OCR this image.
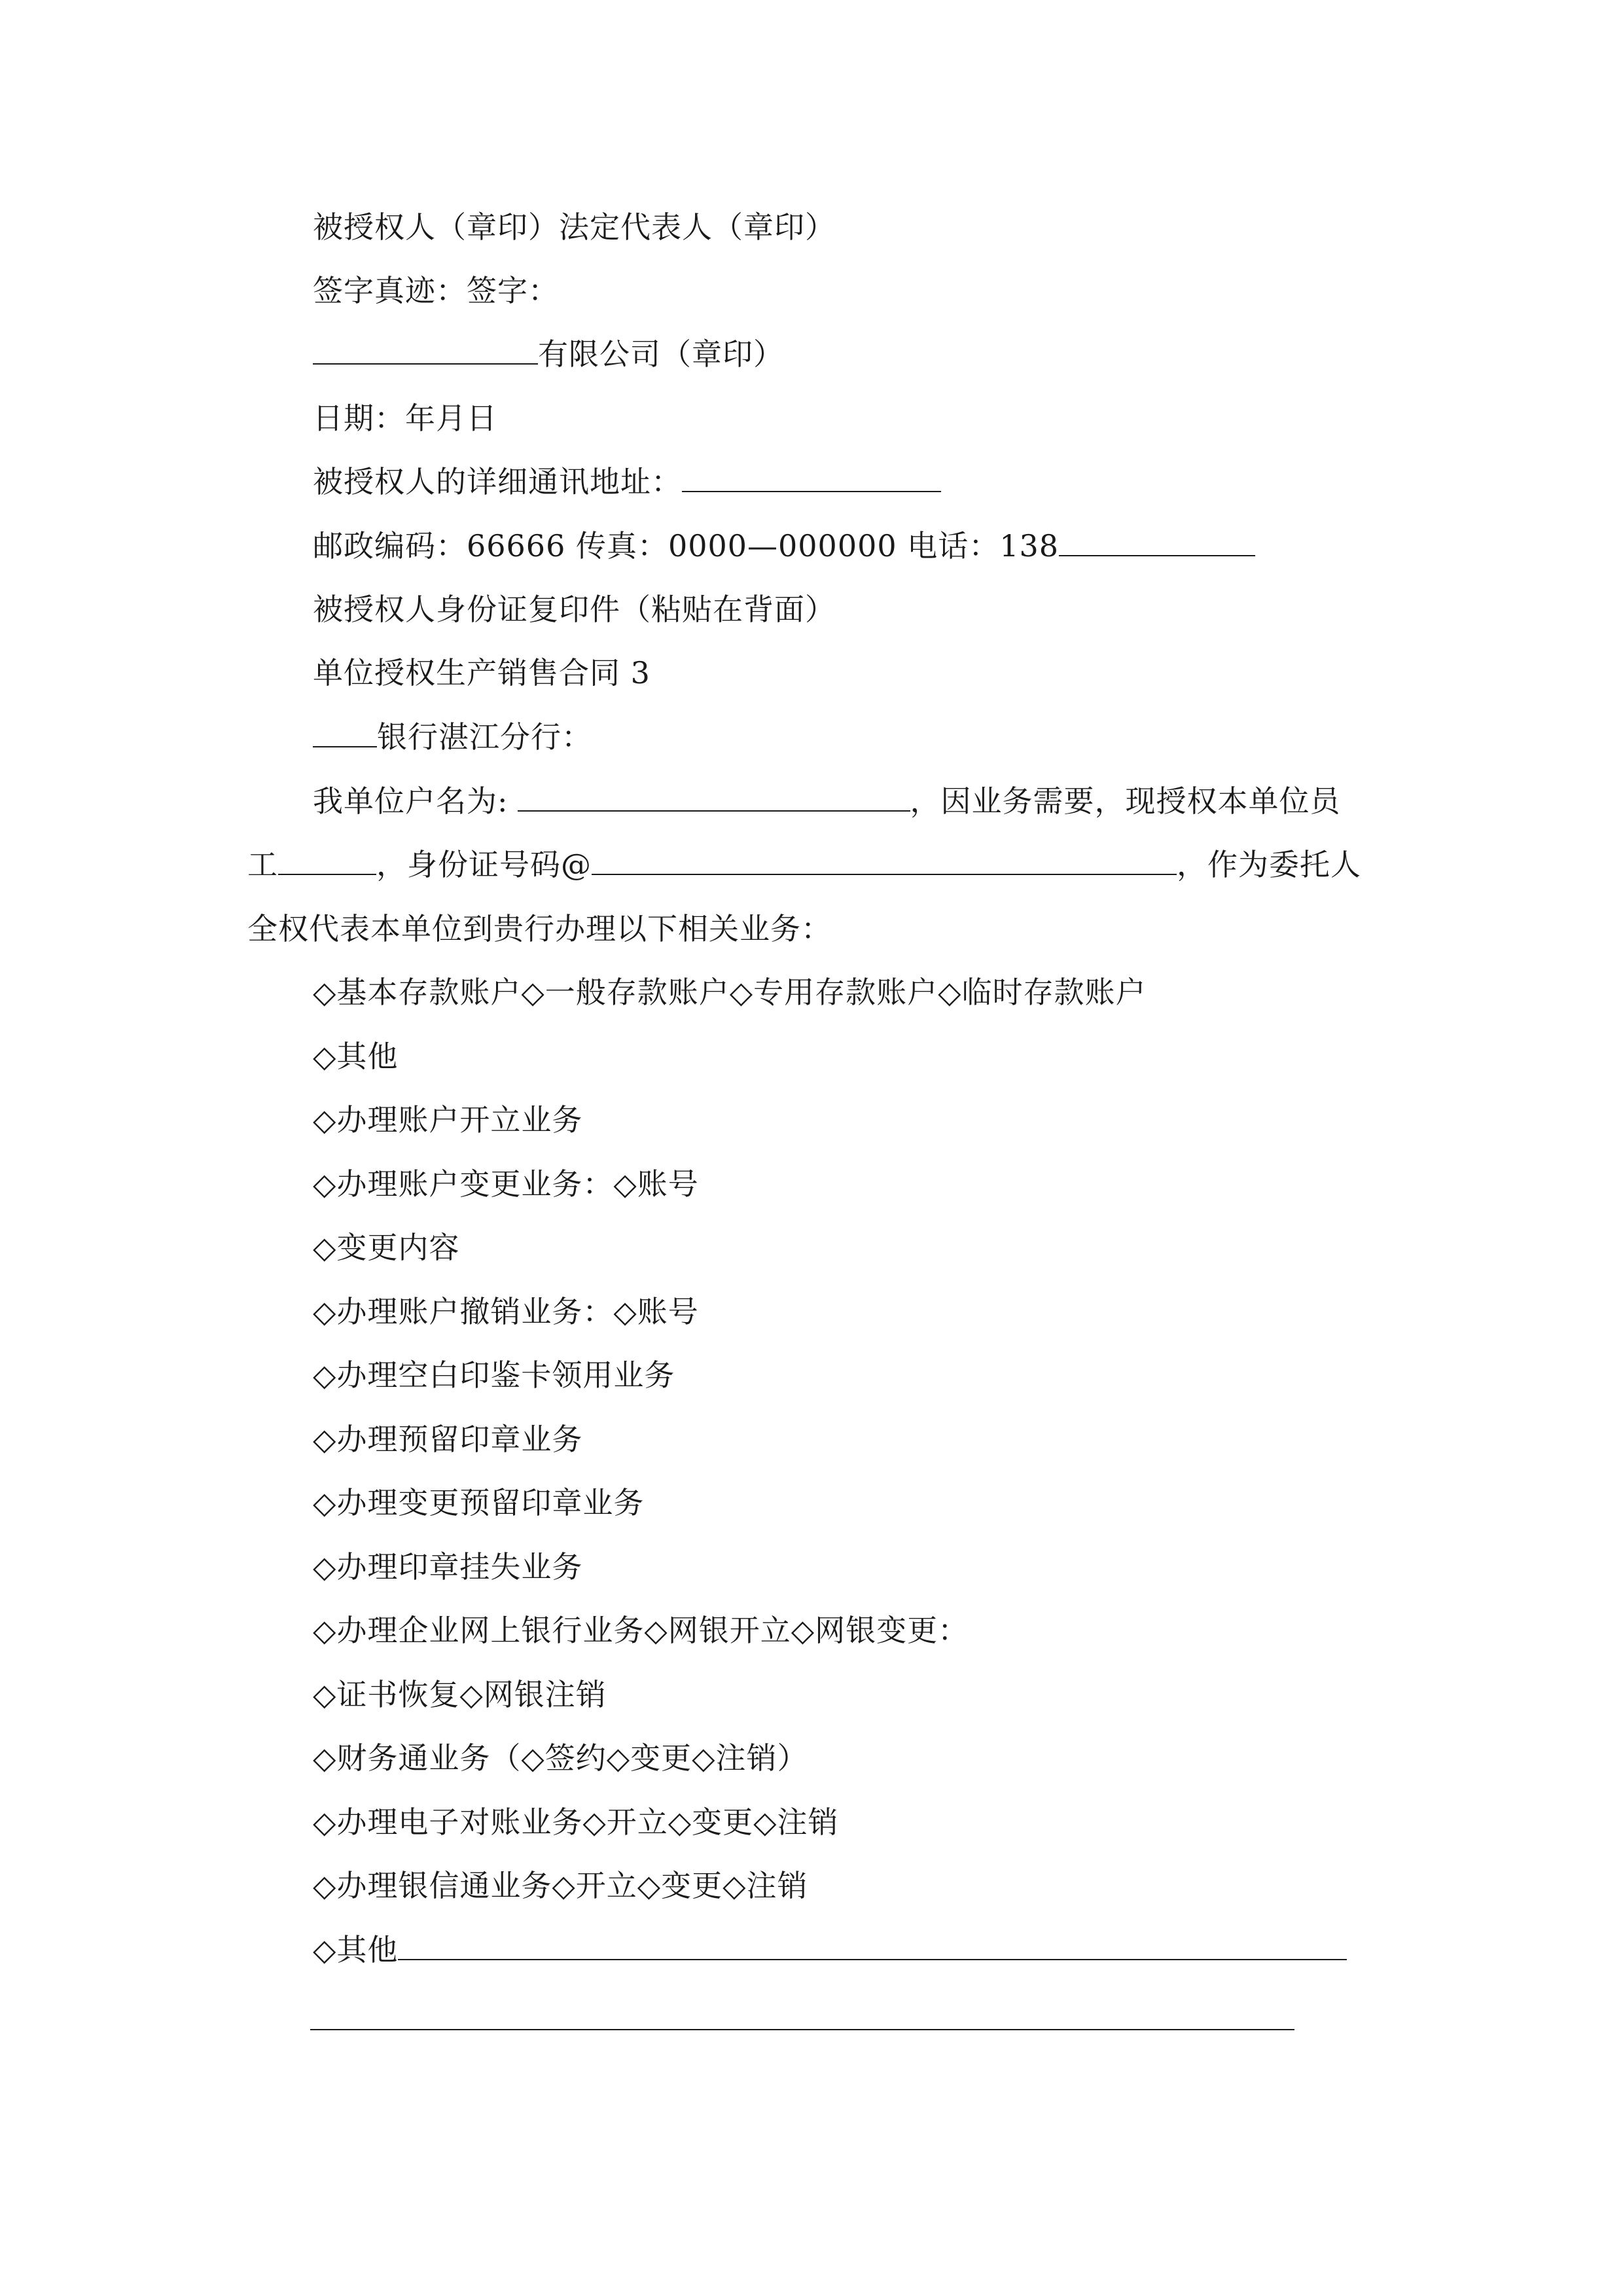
被授权人（章印）法定代表人（章印）
签字真迹：签字：
有限公司（章印）
日期：年月日
被授权人的详细通讯地址：
邮政编码：66666 传真：0000—000000 电话：138
被授权人身份证复印件（粘贴在背面）
单位授权生产销售合同 3
银行湛江分行：
我单位户名为:	，因业务需要，现授权本单位员
工	，身份证号码@	，作为委托人
全权代表本单位到贵行办理以下相关业务：
◇基本存款账户◇一般存款账户◇专用存款账户◇临时存款账户
◇其他
◇办理账户开立业务
◇办理账户变更业务：◇账号
◇变更内容
◇办理账户撤销业务：◇账号
◇办理空白印鉴卡领用业务
◇办理预留印章业务
◇办理变更预留印章业务
◇办理印章挂失业务
◇办理企业网上银行业务◇网银开立◇网银变更：
◇证书恢复◇网银注销
◇财务通业务（◇签约◇变更◇注销）
◇办理电子对账业务◇开立◇变更◇注销
◇办理银信通业务◇开立◇变更◇注销
◇其他
